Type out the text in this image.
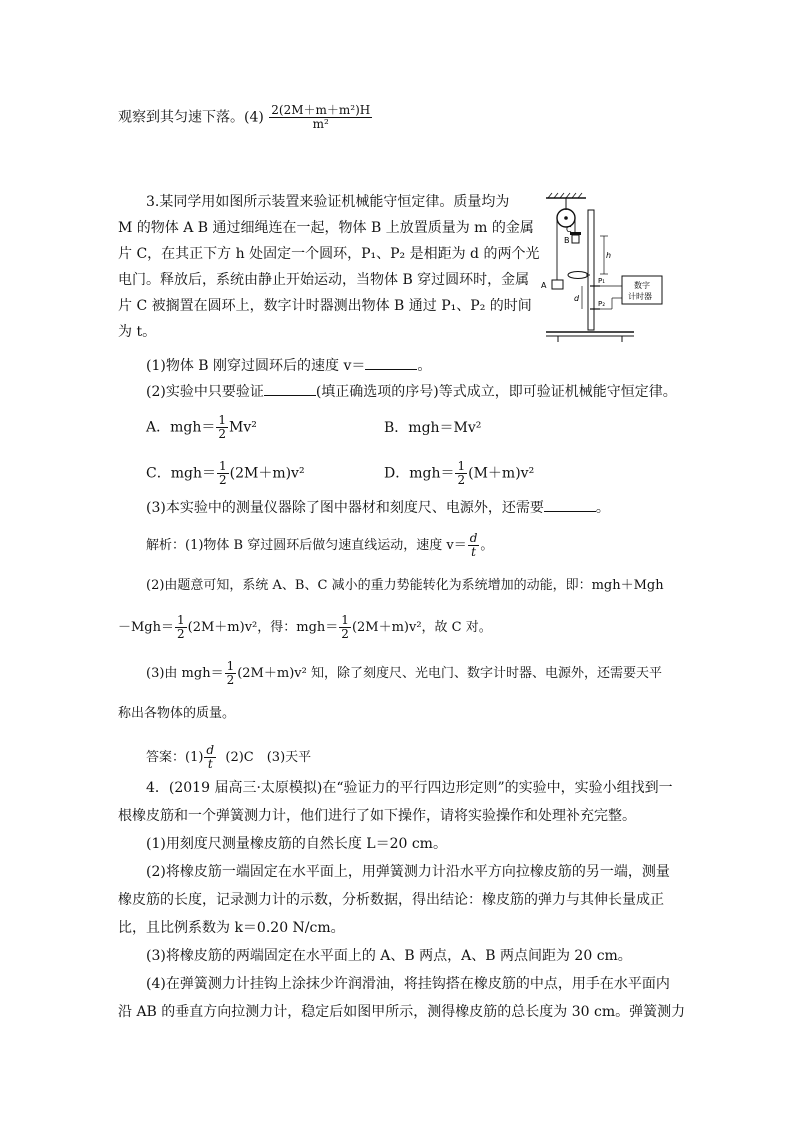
观察到其匀速下落。$(4) \frac{\text{2(2M＋m＋m²)H}}{\text{m²}}$
3.某同学用如图所示装置来验证机械能守恒定律。质量均为
M 的物体 A B 通过细绳连在一起，物体 B 上放置质量为 m 的金属
片 C，在其正下方 h 处固定一个圆环，P₁、P₂ 是相距为 d 的两个光
电门。释放后，系统由静止开始运动，当物体 B 穿过圆环时，金属
片 C 被搁置在圆环上，数字计时器测出物体 B 通过 P₁、P₂ 的时间
为 t。
A
C
B
P₁
P₂
h
d
数字
计时器
(1)物体 B 刚穿过圆环后的速度 v＝	。
(2)实验中只要验证	(填正确选项的序号)等式成立，即可验证机械能守恒定律。
A．$mgh= \frac{1}{2} Mv^2$	B．mgh＝Mv²
C．$mgh= \frac{1}{2} (2M+m)v^2$	D．$mgh= \frac{1}{2} (M+m)v^2$
(3)本实验中的测量仪器除了图中器材和刻度尺、电源外，还需要	。
解析：(1)物体 B 穿过圆环后做匀速直线运动，速度 $v= \frac{d}{t}$ 。
(2)由题意可知，系统 A、B、C 减小的重力势能转化为系统增加的动能，即：mgh＋Mgh
$-Mgh= \frac{1}{2} (2M+m)v^2$，得：$mgh= \frac{1}{2} (2M+m)v^2$，故 C 对。
(3)由 $mgh= \frac{1}{2} (2M+m)v^2$ 知，除了刻度尺、光电门、数字计时器、电源外，还需要天平
称出各物体的质量。
答案：$(1) \frac{d}{t} (2)C$　(3)天平
4．(2019 届高三·太原模拟)在“验证力的平行四边形定则”的实验中，实验小组找到一
根橡皮筋和一个弹簧测力计，他们进行了如下操作，请将实验操作和处理补充完整。
(1)用刻度尺测量橡皮筋的自然长度 L＝20 cm。
(2)将橡皮筋一端固定在水平面上，用弹簧测力计沿水平方向拉橡皮筋的另一端，测量
橡皮筋的长度，记录测力计的示数，分析数据，得出结论：橡皮筋的弹力与其伸长量成正
比，且比例系数为 k＝0.20 N/cm。
(3)将橡皮筋的两端固定在水平面上的 A、B 两点，A、B 两点间距为 20 cm。
(4)在弹簧测力计挂钩上涂抹少许润滑油，将挂钩搭在橡皮筋的中点，用手在水平面内
沿 AB 的垂直方向拉测力计，稳定后如图甲所示，测得橡皮筋的总长度为 30 cm。弹簧测力
